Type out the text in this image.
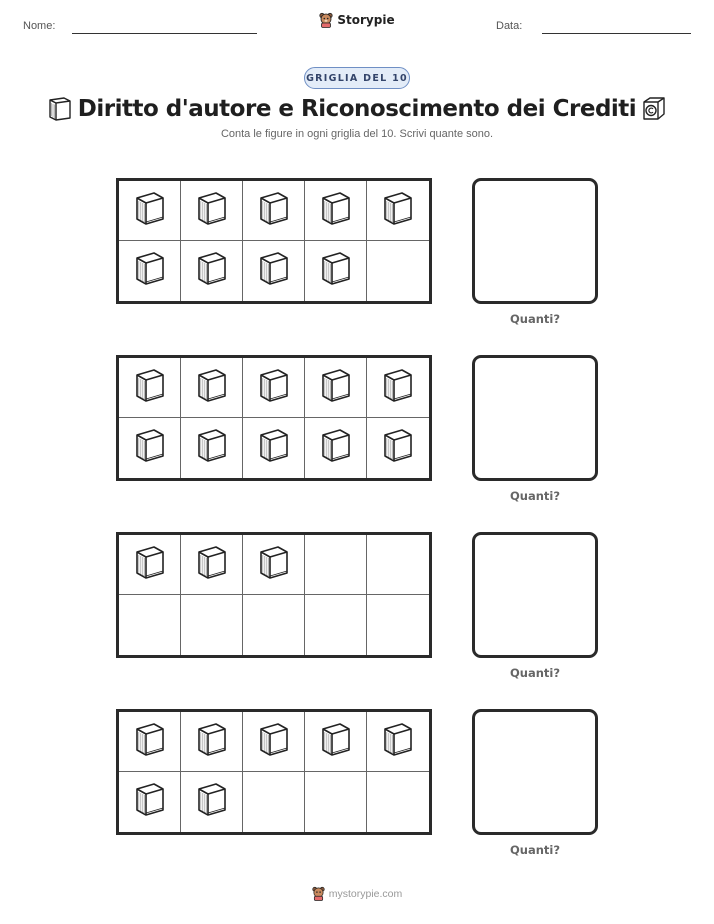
Nome:	Storypie	Data:
GRIGLIA DEL 10
Diritto d'autore e Riconoscimento dei Crediti
Conta le figure in ogni griglia del 10. Scrivi quante sono.
Quanti?
Quanti?
Quanti?
Quanti?
mystorypie.com
